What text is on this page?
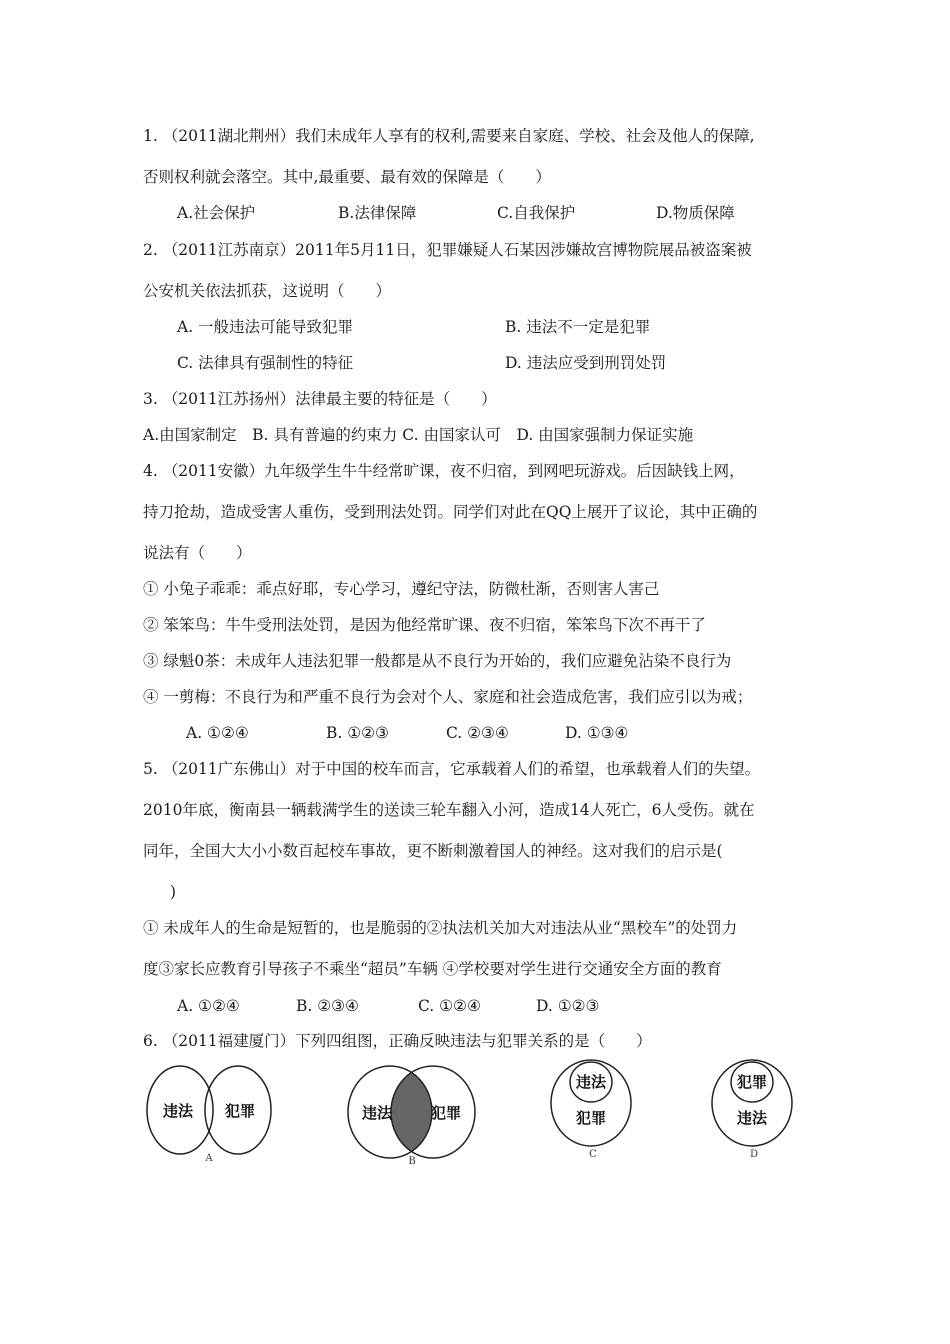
1. （2011湖北荆州）我们未成年人享有的权利,需要来自家庭、学校、社会及他人的保障,
否则权利就会落空。其中,最重要、最有效的保障是（　　）
A.社会保护	B.法律保障	C.自我保护	D.物质保障
2. （2011江苏南京）2011年5月11日，犯罪嫌疑人石某因涉嫌故宫博物院展品被盗案被
公安机关依法抓获，这说明（　　）
A. 一般违法可能导致犯罪	B. 违法不一定是犯罪
C. 法律具有强制性的特征	D. 违法应受到刑罚处罚
3. （2011江苏扬州）法律最主要的特征是（　　）
A.由国家制定　B. 具有普遍的约束力 C. 由国家认可　D. 由国家强制力保证实施
4. （2011安徽）九年级学生牛牛经常旷课，夜不归宿，到网吧玩游戏。后因缺钱上网，
持刀抢劫，造成受害人重伤，受到刑法处罚。同学们对此在QQ上展开了议论，其中正确的
说法有（　　）
① 小兔子乖乖：乖点好耶，专心学习，遵纪守法，防微杜渐，否则害人害己
② 笨笨鸟：牛牛受刑法处罚，是因为他经常旷课、夜不归宿，笨笨鸟下次不再干了
③ 绿魁0茶：未成年人违法犯罪一般都是从不良行为开始的，我们应避免沾染不良行为
④ 一剪梅：不良行为和严重不良行为会对个人、家庭和社会造成危害，我们应引以为戒；
A. ①②④	B. ①②③	C. ②③④	D. ①③④
5. （2011广东佛山）对于中国的校车而言，它承载着人们的希望，也承载着人们的失望。
2010年底，衡南县一辆载满学生的送读三轮车翻入小河，造成14人死亡，6人受伤。就在
同年，全国大大小小数百起校车事故，更不断刺激着国人的神经。这对我们的启示是(
)
① 未成年人的生命是短暂的，也是脆弱的②执法机关加大对违法从业“黑校车”的处罚力
度③家长应教育引导孩子不乘坐“超员”车辆 ④学校要对学生进行交通安全方面的教育
A. ①②④	B. ②③④	C. ①②④	D. ①②③
6. （2011福建厦门）下列四组图，正确反映违法与犯罪关系的是（　　）
违法 犯罪
A
违法	犯罪
B
违法
犯罪
C
犯罪
违法
D
